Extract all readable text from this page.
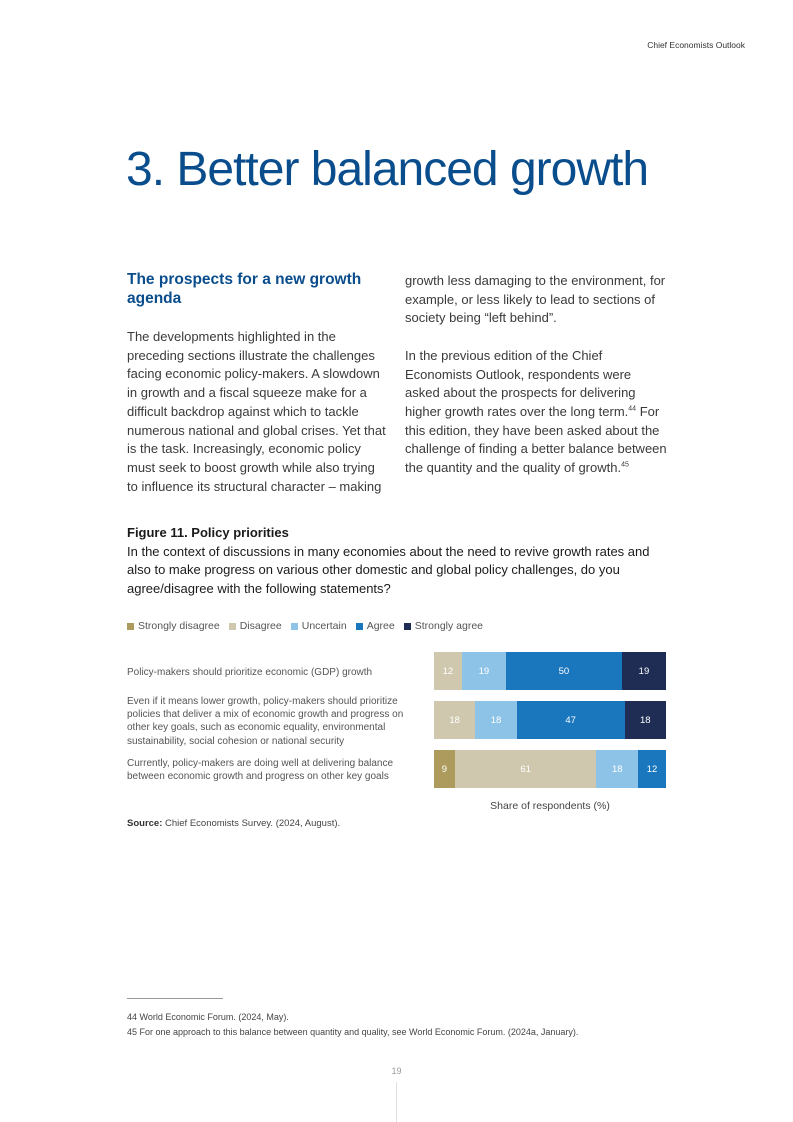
Chief Economists Outlook
3. Better balanced growth
The prospects for a new growth agenda

The developments highlighted in the preceding sections illustrate the challenges facing economic policy-makers. A slowdown in growth and a fiscal squeeze make for a difficult backdrop against which to tackle numerous national and global crises. Yet that is the task. Increasingly, economic policy must seek to boost growth while also trying to influence its structural character – making

growth less damaging to the environment, for example, or less likely to lead to sections of society being “left behind”.

In the previous edition of the Chief Economists Outlook, respondents were asked about the prospects for delivering higher growth rates over the long term.$^{44}$ For this edition, they have been asked about the challenge of finding a better balance between the quantity and the quality of growth.$^{45}$

Figure 11. Policy priorities

In the context of discussions in many economies about the need to revive growth rates and also to make progress on various other domestic and global policy challenges, do you agree/disagree with the following statements?

Strongly disagree Disagree Uncertain Agree Strongly agree
Policy-makers should prioritize economic (GDP) growth	12	19	50	19
Even if it means lower growth, policy-makers should prioritize policies that deliver a mix of economic growth and progress on other key goals, such as economic equality, environmental sustainability, social cohesion or national security
18	18	47	18
Currently, policy-makers are doing well at delivering balance between economic growth and progress on other key goals
9	61	18	12
Share of respondents (%)
Source: Chief Economists Survey. (2024, August).
44 World Economic Forum. (2024, May).
45 For one approach to this balance between quantity and quality, see World Economic Forum. (2024a, January).
19
